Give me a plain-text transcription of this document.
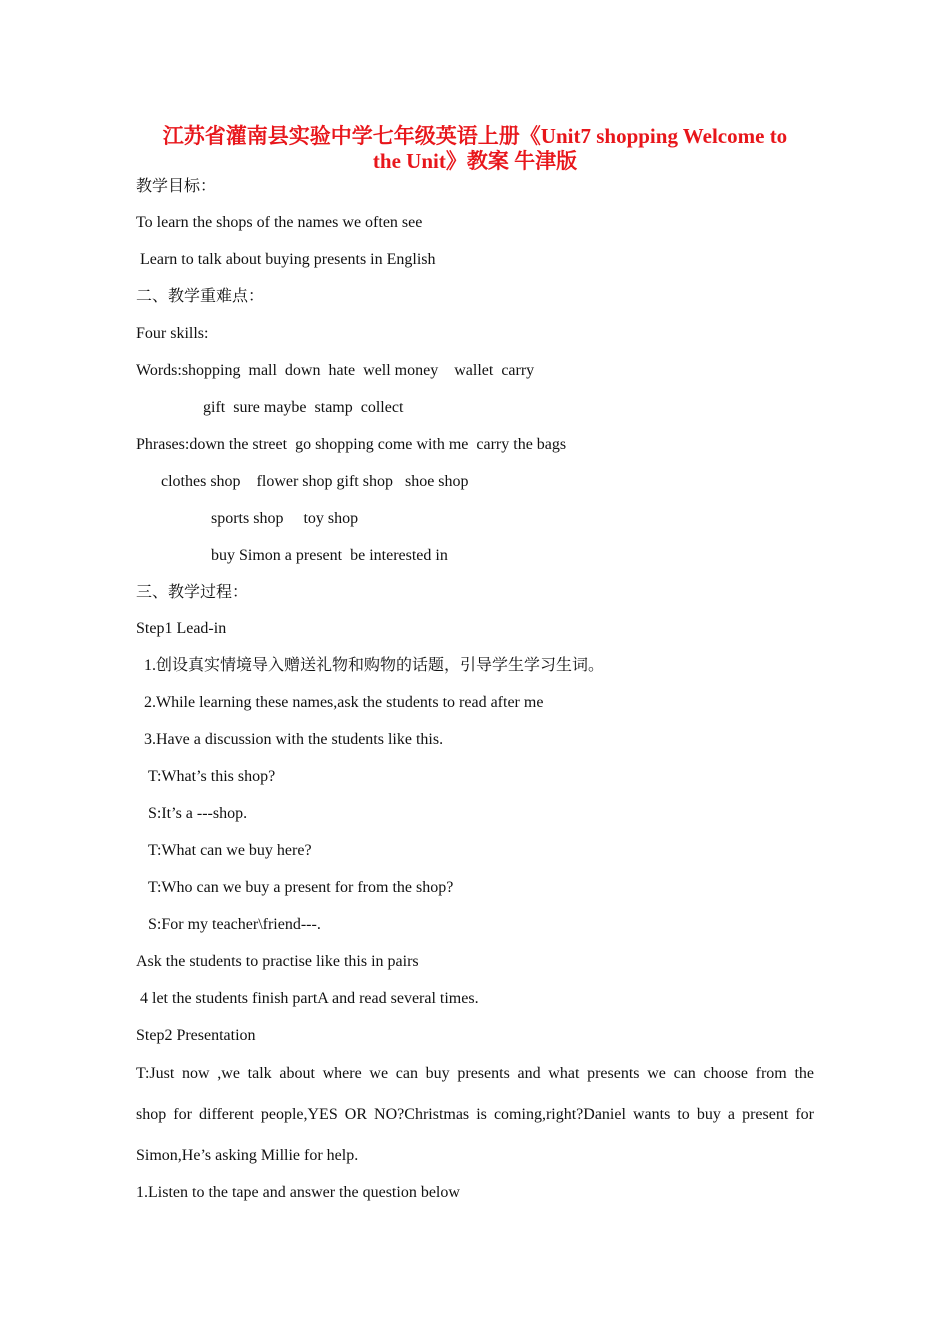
江苏省灌南县实验中学七年级英语上册《Unit7 shopping Welcome to
the Unit》教案 牛津版
教学目标：
To learn the shops of the names we often see
Learn to talk about buying presents in English
二、教学重难点：
Four skills:
Words:shopping  mall  down  hate  well money    wallet  carry
gift  sure maybe  stamp  collect
Phrases:down the street  go shopping come with me  carry the bags
clothes shop    flower shop gift shop   shoe shop
sports shop     toy shop
buy Simon a present  be interested in
三、教学过程：
Step1 Lead-in
1.创设真实情境导入赠送礼物和购物的话题，引导学生学习生词。
2.While learning these names,ask the students to read after me
3.Have a discussion with the students like this.
T:What’s this shop?
S:It’s a ---shop.
T:What can we buy here?
T:Who can we buy a present for from the shop?
S:For my teacher\friend---.
Ask the students to practise like this in pairs
4 let the students finish partA and read several times.
Step2 Presentation
T:Just now ,we talk about where we can buy presents and what presents we can choose from the
shop for different people,YES OR NO?Christmas is coming,right?Daniel wants to buy a present for
Simon,He’s asking Millie for help.
1.Listen to the tape and answer the question below
